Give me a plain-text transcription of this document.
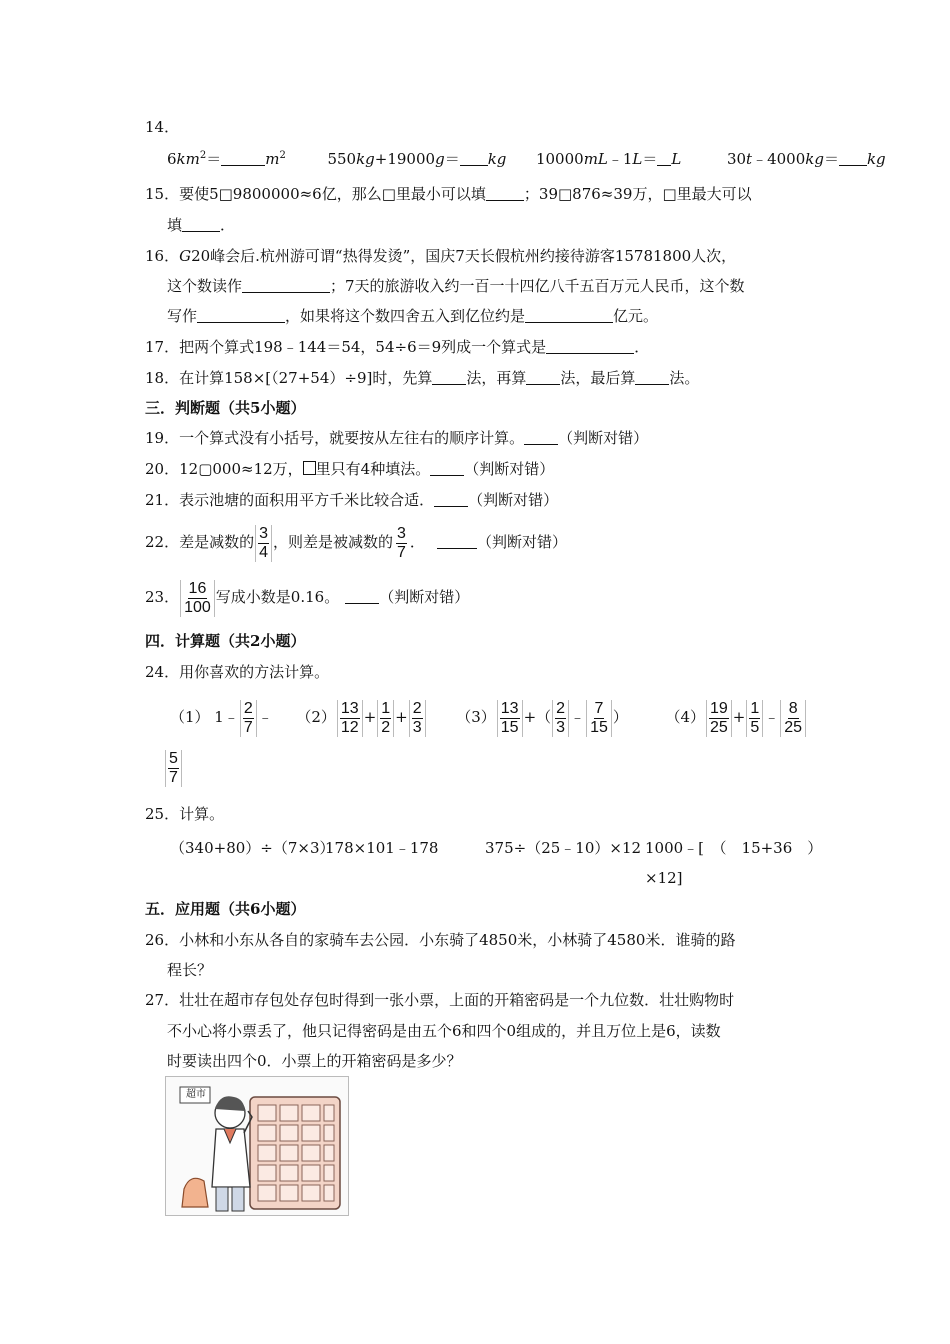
14．
$6km^2=$	$m^2$	550kg+19000g＝ kg 10000mL﹣1L＝ L	30t﹣4000kg＝ kg
15．要使5□9800000≈6亿，那么□里最小可以填	；39□876≈39万，□里最大可以
填	．
16．G20峰会后.杭州游可谓“热得发烫”，国庆7天长假杭州约接待游客15781800人次，
这个数读作	；7天的旅游收入约一百一十四亿八千五百万元人民币，这个数
写作	，如果将这个数四舍五入到亿位约是	亿元。
17．把两个算式198﹣144＝54，54÷6＝9列成一个算式是	．
18．在计算158×[（27+54）÷9]时，先算 法，再算 法，最后算 法。
三．判断题（共5小题）
19．一个算式没有小括号，就要按从左往右的顺序计算。 （判断对错）
20．12▢000≈12万， 里只有4种填法。 （判断对错）
21．表示池塘的面积用平方千米比较合适． （判断对错）
22．差是减数的 $\frac{3}{4}$ ，则差是被减数的 $\frac{3}{7}$ ．	（判断对错）
23． $\frac{16}{100}$ 写成小数是0.16。	（判断对错）
四．计算题（共2小题）
24．用你喜欢的方法计算。
（1） 1﹣ $\frac{2}{7}$ ﹣ $(2) \frac{13}{12} + \frac{1}{2} + \frac{2}{3} (3) \frac{13}{15}$ +（ $\frac{2}{3}$ ﹣ $\frac{7}{15}$ ）	$(4) \frac{19}{25} + \frac{1}{5}$ ﹣ $\frac{8}{25}$
$\frac{5}{7}$
25．计算。
（340+80）÷（7×3）
178×101﹣178	375÷（25﹣10）×12 1000﹣[　（　15+36　）
×12]
五．应用题（共6小题）
26．小林和小东从各自的家骑车去公园．小东骑了4850米，小林骑了4580米．谁骑的路
程长？
27．壮壮在超市存包处存包时得到一张小票，上面的开箱密码是一个九位数．壮壮购物时
不小心将小票丢了，他只记得密码是由五个6和四个0组成的，并且万位上是6，读数
时要读出四个0．小票上的开箱密码是多少？
超市
